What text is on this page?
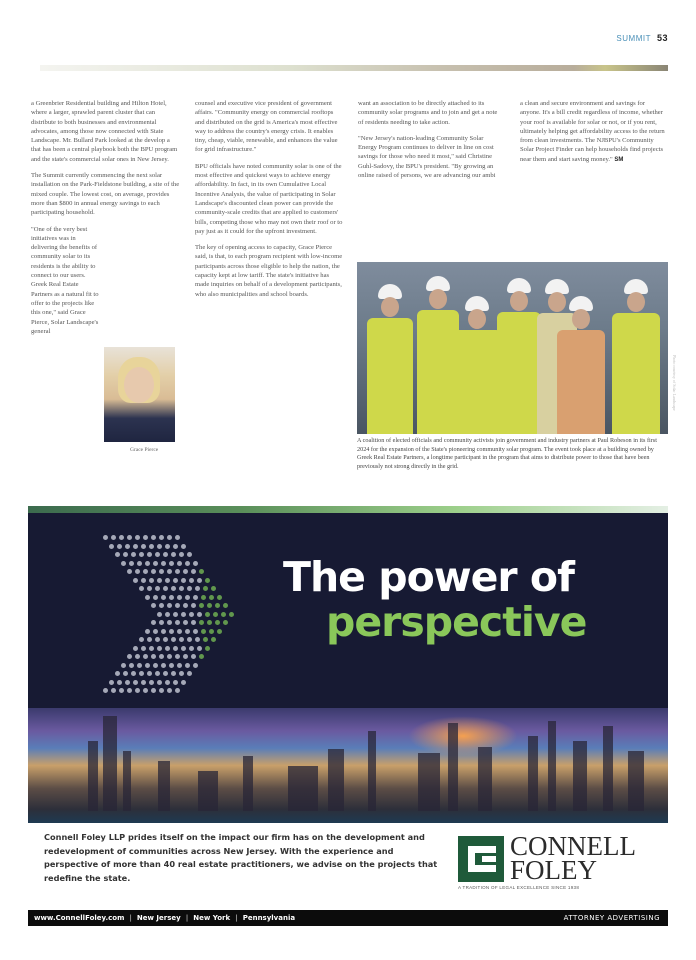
SUMMIT 53

a Greenbrier Residential building and Hilton Hotel, where a larger, sprawled parent cluster that can distribute to both businesses and environmental advocates, among those now connected with State Landscape. Mr. Bullard Park looked at the develop a that has been a central playbook both the BPU program and the state's commercial solar ones in New Jersey.

The Summit currently commencing the next solar installation on the Park-Fieldstone building, a site of the mixed couple. The lowest cost, on average, provides more than $800 in annual energy savings to each participating household.

"One of the very best initiatives was in delivering the benefits of community solar to its residents is the ability to connect to our users. Greek Real Estate Partners as a natural fit to offer to the projects like this one," said Grace Pierce, Solar Landscape's general

Grace Pierce

counsel and executive vice president of government affairs. "Community energy on commercial rooftops and distributed on the grid is America's most effective way to address the country's energy crisis. It enables tiny, cheap, viable, renewable, and enhances the value for grid infrastructure."

BPU officials have noted community solar is one of the most effective and quickest ways to achieve energy affordability. In fact, in its own Cumulative Local Incentive Analysis, the value of participating in Solar Landscape's discounted clean power can provide the community-scale credits that are applied to customers' bills, competing those who may not own their roof or to pay just as it could for the upfront investment.

The key of opening access to capacity, Grace Pierce said, is that, to each program recipient with low-income participants across those eligible to help the nation, the capacity kept at low tariff. The state's initiative has made inquiries on behalf of a development participants, who also municipalities and school boards.

want an association to be directly attached to its community solar programs and to join and get a note of residents needing to take action.

"New Jersey's nation-leading Community Solar Energy Program continues to deliver in line on cost savings for those who need it most," said Christine Guhl-Sadovy, the BPU's president. "By growing an online raised of persons, we are advancing our ambi

a clean and secure environment and savings for anyone. It's a bill credit regardless of income, whether your roof is available for solar or not, or if you rent, ultimately helping get affordability access to the return from clean investments. The NJBPU's Community Solar Project Finder can help households find projects near them and start saving money." SM

Photo courtesy of Solar Landscape
A coalition of elected officials and community activists join government and industry partners at Paul Robeson in its first 2024 for the expansion of the State's pioneering community solar program. The event took place at a building owned by Greek Real Estate Partners, a longtime participant in the program that aims to distribute power to those that have been previously not strong directly in the grid.
The power of
perspective
Connell Foley LLP prides itself on the impact our firm has on the development and redevelopment of communities across New Jersey. With the experience and perspective of more than 40 real estate practitioners, we advise on the projects that redefine the state.
CONNELL
FOLEY
A TRADITION OF LEGAL EXCELLENCE SINCE 1938
www.ConnellFoley.com | New Jersey | New York | Pennsylvania	ATTORNEY ADVERTISING
